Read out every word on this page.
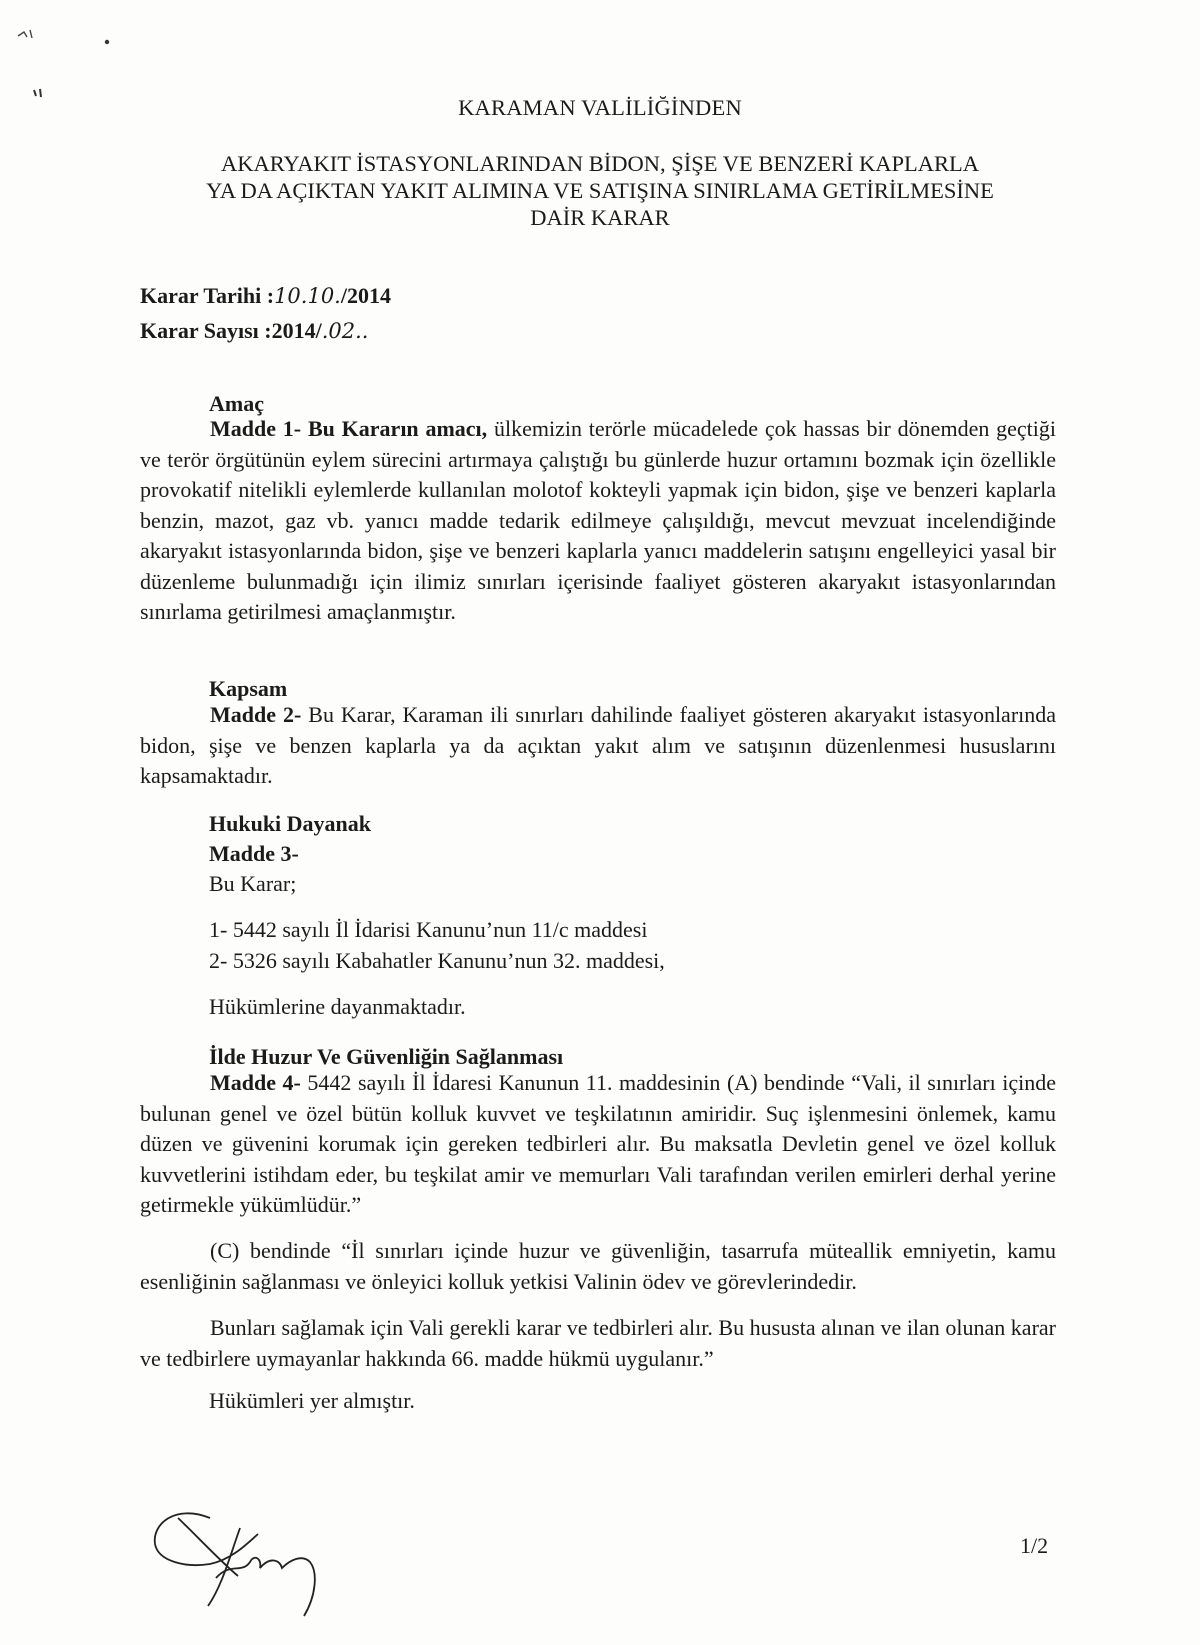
KARAMAN VALİLİĞİNDEN
AKARYAKIT İSTASYONLARINDAN BİDON, ŞİŞE VE BENZERİ KAPLARLA
YA DA AÇIKTAN YAKIT ALIMINA VE SATIŞINA SINIRLAMA GETİRİLMESİNE
DAİR KARAR
Karar Tarihi :10.10./2014
Karar Sayısı :2014/.02..
Amaç
Madde 1- Bu Kararın amacı, ülkemizin terörle mücadelede çok hassas bir dönemden geçtiği ve terör örgütünün eylem sürecini artırmaya çalıştığı bu günlerde huzur ortamını bozmak için özellikle provokatif nitelikli eylemlerde kullanılan molotof kokteyli yapmak için bidon, şişe ve benzeri kaplarla benzin, mazot, gaz vb. yanıcı madde tedarik edilmeye çalışıldığı, mevcut mevzuat incelendiğinde akaryakıt istasyonlarında bidon, şişe ve benzeri kaplarla yanıcı maddelerin satışını engelleyici yasal bir düzenleme bulunmadığı için ilimiz sınırları içerisinde faaliyet gösteren akaryakıt istasyonlarından sınırlama getirilmesi amaçlanmıştır.
Kapsam
Madde 2- Bu Karar, Karaman ili sınırları dahilinde faaliyet gösteren akaryakıt istasyonlarında bidon, şişe ve benzen kaplarla ya da açıktan yakıt alım ve satışının düzenlenmesi hususlarını kapsamaktadır.
Hukuki Dayanak
Madde 3-
Bu Karar;
1- 5442 sayılı İl İdarisi Kanunu’nun 11/c maddesi
2- 5326 sayılı Kabahatler Kanunu’nun 32. maddesi,
Hükümlerine dayanmaktadır.
İlde Huzur Ve Güvenliğin Sağlanması
Madde 4- 5442 sayılı İl İdaresi Kanunun 11. maddesinin (A) bendinde “Vali, il sınırları içinde bulunan genel ve özel bütün kolluk kuvvet ve teşkilatının amiridir. Suç işlenmesini önlemek, kamu düzen ve güvenini korumak için gereken tedbirleri alır. Bu maksatla Devletin genel ve özel kolluk kuvvetlerini istihdam eder, bu teşkilat amir ve memurları Vali tarafından verilen emirleri derhal yerine getirmekle yükümlüdür.”
(C) bendinde “İl sınırları içinde huzur ve güvenliğin, tasarrufa müteallik emniyetin, kamu esenliğinin sağlanması ve önleyici kolluk yetkisi Valinin ödev ve görevlerindedir.
Bunları sağlamak için Vali gerekli karar ve tedbirleri alır. Bu hususta alınan ve ilan olunan karar ve tedbirlere uymayanlar hakkında 66. madde hükmü uygulanır.”
Hükümleri yer almıştır.
1/2
